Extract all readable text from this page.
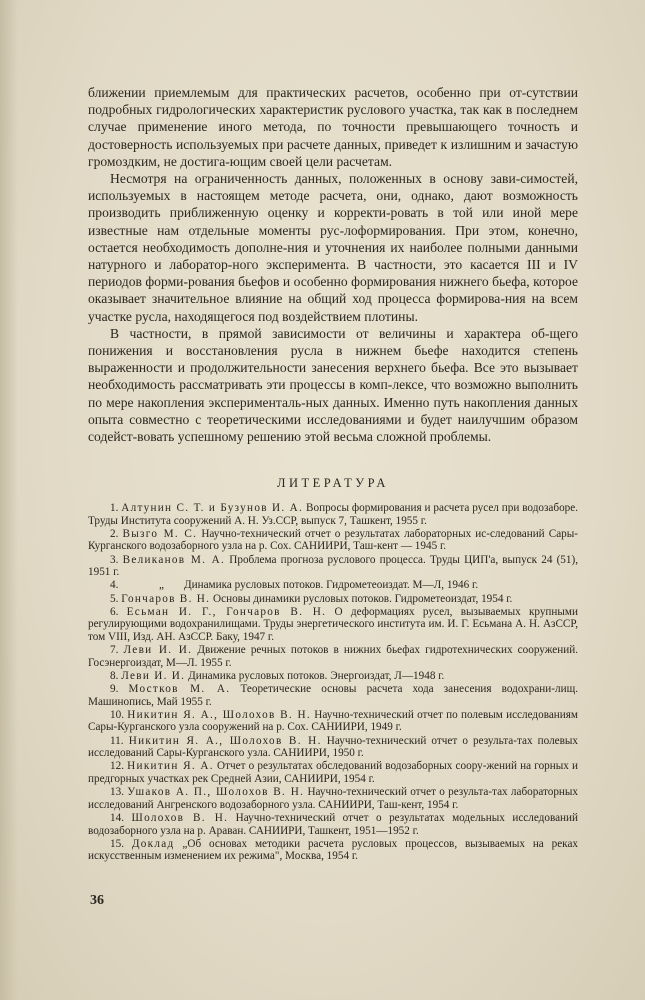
ближении приемлемым для практических расчетов, особенно при от-сутствии подробных гидрологических характеристик руслового участка, так как в последнем случае применение иного метода, по точности превышающего точность и достоверность используемых при расчете данных, приведет к излишним и зачастую громоздким, не достига-ющим своей цели расчетам.

Несмотря на ограниченность данных, положенных в основу зави-симостей, используемых в настоящем методе расчета, они, однако, дают возможность производить приближенную оценку и корректи-ровать в той или иной мере известные нам отдельные моменты рус-лоформирования. При этом, конечно, остается необходимость дополне-ния и уточнения их наиболее полными данными натурного и лаборатор-ного эксперимента. В частности, это касается III и IV периодов форми-рования бьефов и особенно формирования нижнего бьефа, которое оказывает значительное влияние на общий ход процесса формирова-ния на всем участке русла, находящегося под воздействием плотины.

В частности, в прямой зависимости от величины и характера об-щего понижения и восстановления русла в нижнем бьефе находится степень выраженности и продолжительности занесения верхнего бьефа. Все это вызывает необходимость рассматривать эти процессы в комп-лексе, что возможно выполнить по мере накопления эксперименталь-ных данных. Именно путь накопления данных опыта совместно с теоретическими исследованиями и будет наилучшим образом содейст-вовать успешному решению этой весьма сложной проблемы.

ЛИТЕРАТУРА
1. Алтунин С. Т. и Бузунов И. А. Вопросы формирования и расчета русел при водозаборе. Труды Института сооружений А. Н. Уз.ССР, выпуск 7, Ташкент, 1955 г.
2. Вызго М. С. Научно-технический отчет о результатах лабораторных ис-следований Сары-Курганского водозаборного узла на р. Сох. САНИИРИ, Таш-кент — 1945 г.
3. Великанов М. А. Проблема прогноза руслового процесса. Труды ЦИП'а, выпуск 24 (51), 1951 г.
4.	„ Динамика русловых потоков. Гидрометеоиздат. М—Л, 1946 г.
5. Гончаров В. Н. Основы динамики русловых потоков. Гидрометеоиздат, 1954 г.
6. Есьман И. Г., Гончаров В. Н. О деформациях русел, вызываемых крупными регулирующими водохранилищами. Труды энергетического института им. И. Г. Есьмана А. Н. АзССР, том VIII, Изд. АН. АзССР. Баку, 1947 г.
7. Леви И. И. Движение речных потоков в нижних бьефах гидротехнических сооружений. Госэнергоиздат, М—Л. 1955 г.
8. Леви И. И. Динамика русловых потоков. Энергоиздат, Л—1948 г.
9. Мостков М. А. Теоретические основы расчета хода занесения водохрани-лищ. Машинопись, Май 1955 г.
10. Никитин Я. А., Шолохов В. Н. Научно-технический отчет по полевым исследованиям Сары-Курганского узла сооружений на р. Сох. САНИИРИ, 1949 г.
11. Никитин Я. А., Шолохов В. Н. Научно-технический отчет о результа-тах полевых исследований Сары-Курганского узла. САНИИРИ, 1950 г.
12. Никитин Я. А. Отчет о результатах обследований водозаборных соору-жений на горных и предгорных участках рек Средней Азии, САНИИРИ, 1954 г.
13. Ушаков А. П., Шолохов В. Н. Научно-технический отчет о результа-тах лабораторных исследований Ангренского водозаборного узла. САНИИРИ, Таш-кент, 1954 г.
14. Шолохов В. Н. Научно-технический отчет о результатах модельных исследований водозаборного узла на р. Араван. САНИИРИ, Ташкент, 1951—1952 г.
15. Доклад „Об основах методики расчета русловых процессов, вызываемых на реках искусственным изменением их режима", Москва, 1954 г.
36
